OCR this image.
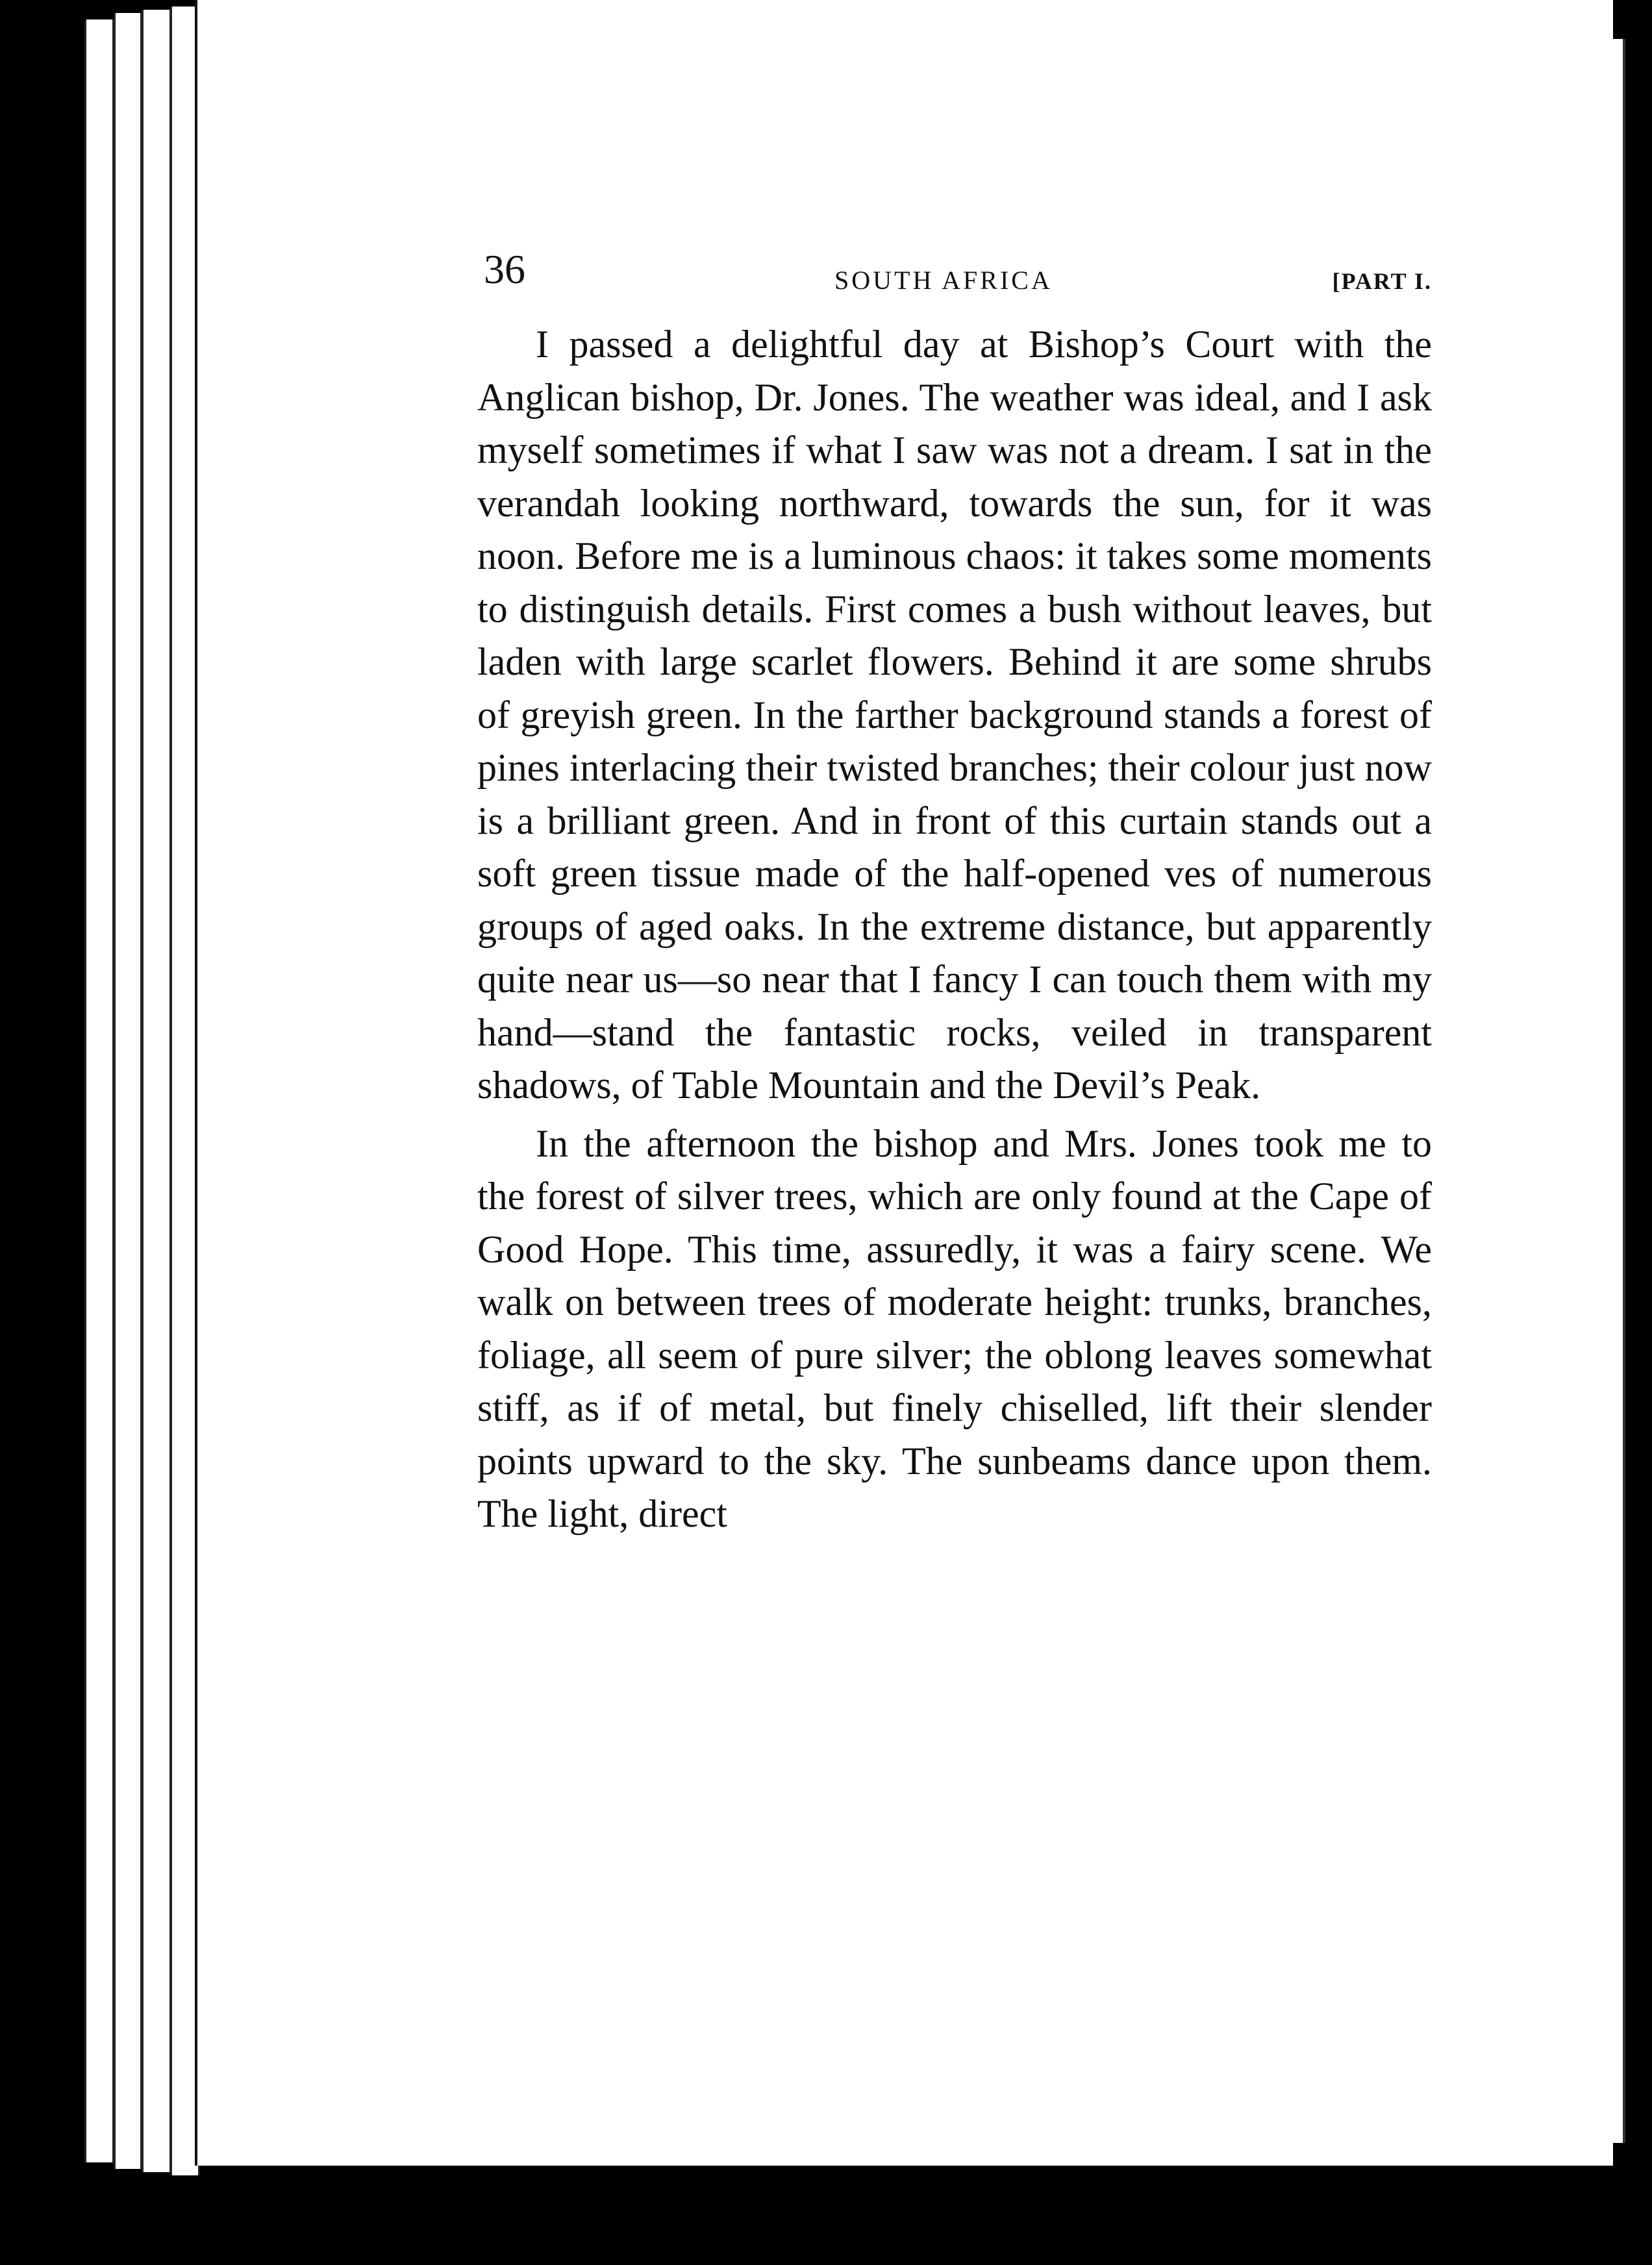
36	SOUTH AFRICA	[PART I.

I passed a delightful day at Bishop’s Court with the Anglican bishop, Dr. Jones. The weather was ideal, and I ask myself sometimes if what I saw was not a dream. I sat in the verandah looking northward, towards the sun, for it was noon. Before me is a luminous chaos: it takes some moments to distinguish details. First comes a bush without leaves, but laden with large scarlet flowers. Behind it are some shrubs of greyish green. In the farther background stands a forest of pines interlacing their twisted branches; their colour just now is a brilliant green. And in front of this curtain stands out a soft green tissue made of the half-opened ves of numerous groups of aged oaks. In the extreme distance, but apparently quite near us—so near that I fancy I can touch them with my hand—stand the fantastic rocks, veiled in transparent shadows, of Table Mountain and the Devil’s Peak.

In the afternoon the bishop and Mrs. Jones took me to the forest of silver trees, which are only found at the Cape of Good Hope. This time, assuredly, it was a fairy scene. We walk on between trees of moderate height: trunks, branches, foliage, all seem of pure silver; the oblong leaves somewhat stiff, as if of metal, but finely chiselled, lift their slender points upward to the sky. The sunbeams dance upon them. The light, direct
